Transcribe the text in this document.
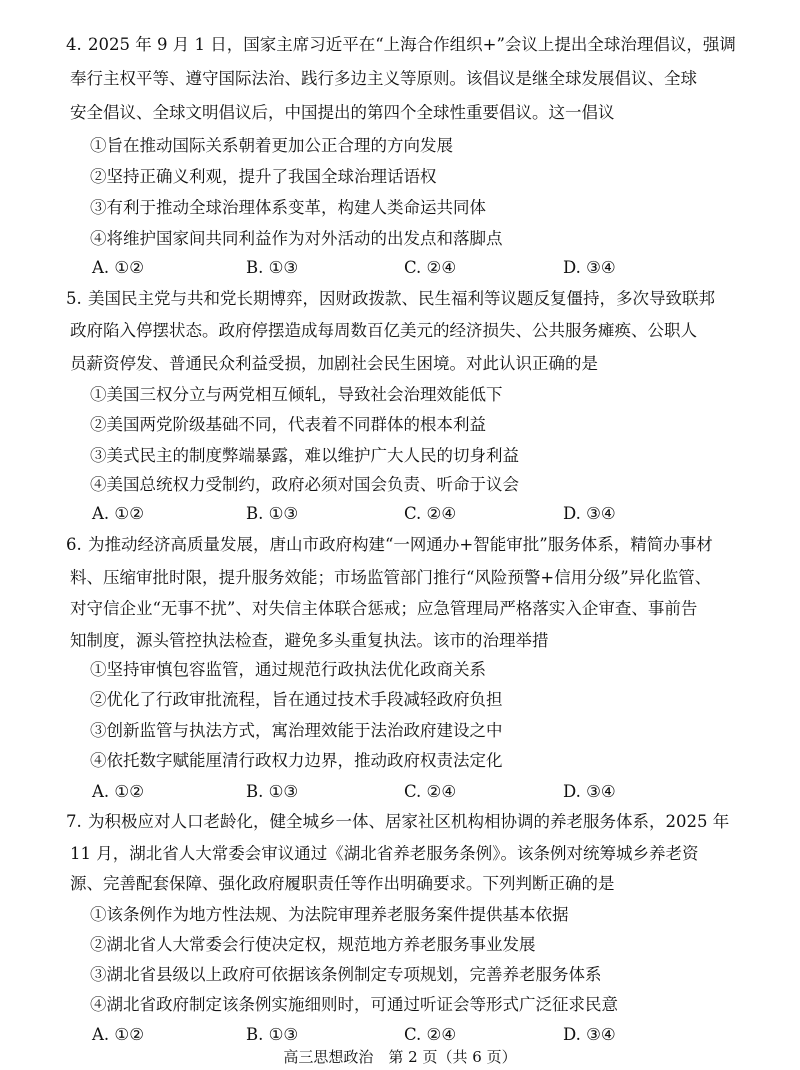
4. 2025 年 9 月 1 日，国家主席习近平在“上海合作组织+”会议上提出全球治理倡议，强调
奉行主权平等、遵守国际法治、践行多边主义等原则。该倡议是继全球发展倡议、全球
安全倡议、全球文明倡议后，中国提出的第四个全球性重要倡议。这一倡议
①旨在推动国际关系朝着更加公正合理的方向发展
②坚持正确义利观，提升了我国全球治理话语权
③有利于推动全球治理体系变革，构建人类命运共同体
④将维护国家间共同利益作为对外活动的出发点和落脚点
A. ①②	B. ①③	C. ②④	D. ③④
5. 美国民主党与共和党长期博弈，因财政拨款、民生福利等议题反复僵持，多次导致联邦
政府陷入停摆状态。政府停摆造成每周数百亿美元的经济损失、公共服务瘫痪、公职人
员薪资停发、普通民众利益受损，加剧社会民生困境。对此认识正确的是
①美国三权分立与两党相互倾轧，导致社会治理效能低下
②美国两党阶级基础不同，代表着不同群体的根本利益
③美式民主的制度弊端暴露，难以维护广大人民的切身利益
④美国总统权力受制约，政府必须对国会负责、听命于议会
A. ①②	B. ①③	C. ②④	D. ③④
6. 为推动经济高质量发展，唐山市政府构建“一网通办+智能审批”服务体系，精简办事材
料、压缩审批时限，提升服务效能；市场监管部门推行“风险预警+信用分级”异化监管、
对守信企业“无事不扰”、对失信主体联合惩戒；应急管理局严格落实入企审查、事前告
知制度，源头管控执法检查，避免多头重复执法。该市的治理举措
①坚持审慎包容监管，通过规范行政执法优化政商关系
②优化了行政审批流程，旨在通过技术手段减轻政府负担
③创新监管与执法方式，寓治理效能于法治政府建设之中
④依托数字赋能厘清行政权力边界，推动政府权责法定化
A. ①②	B. ①③	C. ②④	D. ③④
7. 为积极应对人口老龄化，健全城乡一体、居家社区机构相协调的养老服务体系，2025 年
11 月，湖北省人大常委会审议通过《湖北省养老服务条例》。该条例对统筹城乡养老资
源、完善配套保障、强化政府履职责任等作出明确要求。下列判断正确的是
①该条例作为地方性法规、为法院审理养老服务案件提供基本依据
②湖北省人大常委会行使决定权，规范地方养老服务事业发展
③湖北省县级以上政府可依据该条例制定专项规划，完善养老服务体系
④湖北省政府制定该条例实施细则时，可通过听证会等形式广泛征求民意
A. ①②	B. ①③	C. ②④	D. ③④
高三思想政治　第 2 页（共 6 页）
